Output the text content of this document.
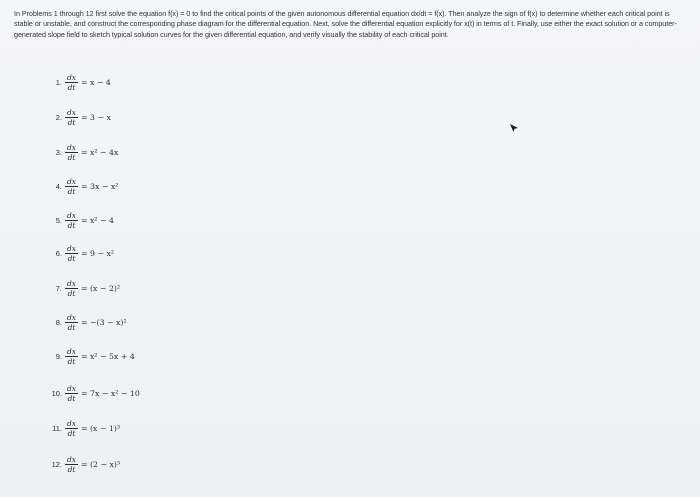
In Problems 1 through 12 first solve the equation f(x) = 0 to find the critical points of the given autonomous differential equation dx/dt = f(x). Then analyze the sign of f(x) to determine whether each critical point is stable or unstable, and construct the corresponding phase diagram for the differential equation. Next, solve the differential equation explicitly for x(t) in terms of t. Finally, use either the exact solution or a computer-generated slope field to sketch typical solution curves for the given differential equation, and verify visually the stability of each critical point.
1. $\frac{dx}{dt} = x - 4$
2. $\frac{dx}{dt} = 3 - x$
3. $\frac{dx}{dt} = x^2 - 4x$
4. $\frac{dx}{dt} = 3x - x^2$
5. $\frac{dx}{dt} = x^2 - 4$
6. $\frac{dx}{dt} = 9 - x^2$
7. $\frac{dx}{dt} = (x - 2)^2$
8. $\frac{dx}{dt} = -(3 - x)^2$
9. $\frac{dx}{dt} = x^2 - 5x + 4$
10. $\frac{dx}{dt} = 7x - x^2 - 10$
11. $\frac{dx}{dt} = (x - 1)^3$
12. $\frac{dx}{dt} = (2 - x)^3$
